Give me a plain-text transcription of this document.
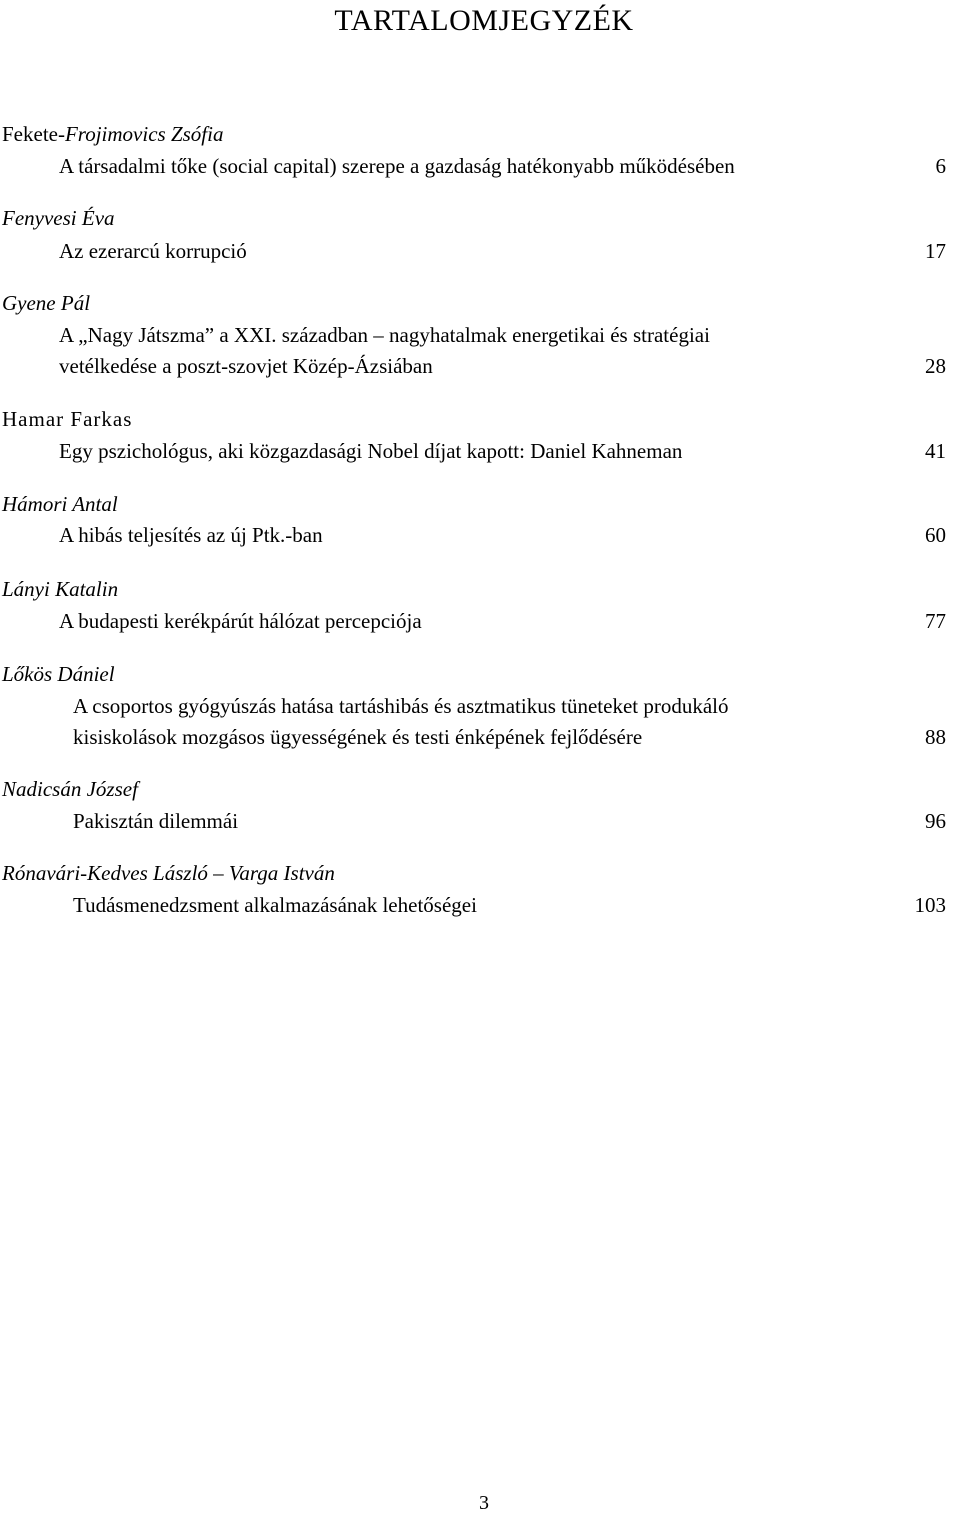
TARTALOMJEGYZÉK
Fekete-Frojimovics Zsófia
A társadalmi tőke (social capital) szerepe a gazdaság hatékonyabb működésében	6
Fenyvesi Éva
Az ezerarcú korrupció	17
Gyene Pál
A „Nagy Játszma” a XXI. században – nagyhatalmak energetikai és stratégiai
vetélkedése a poszt-szovjet Közép-Ázsiában	28
Hamar Farkas
Egy pszichológus, aki közgazdasági Nobel díjat kapott: Daniel Kahneman	41
Hámori Antal
A hibás teljesítés az új Ptk.-ban	60
Lányi Katalin
A budapesti kerékpárút hálózat percepciója	77
Lőkös Dániel
A csoportos gyógyúszás hatása tartáshibás és asztmatikus tüneteket produkáló
kisiskolások mozgásos ügyességének és testi énképének fejlődésére	88
Nadicsán József
Pakisztán dilemmái	96
Rónavári-Kedves László – Varga István
Tudásmenedzsment alkalmazásának lehetőségei	103
3
